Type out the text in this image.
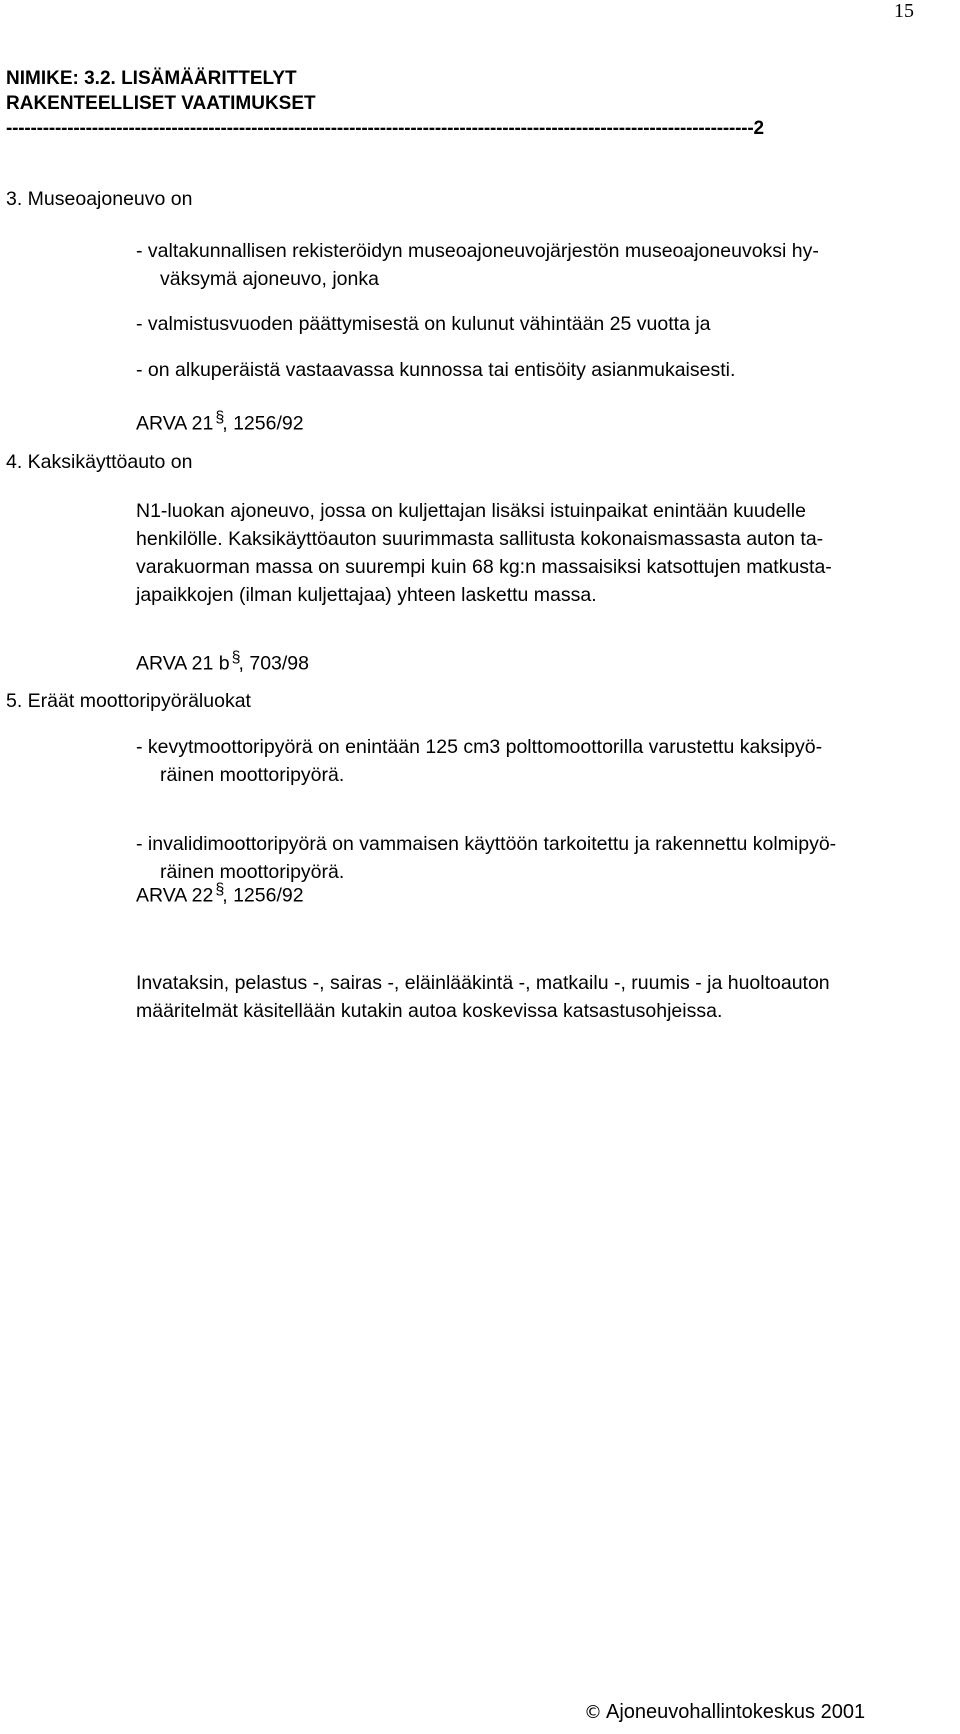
15
NIMIKE: 3.2. LISÄMÄÄRITTELYT
RAKENTEELLISET VAATIMUKSET
--------------------------------------------------------------------------------------------------------------------------2
3. Museoajoneuvo on
- valtakunnallisen rekisteröidyn museoajoneuvojärjestön museoajoneuvoksi hy-
väksymä ajoneuvo, jonka
- valmistusvuoden päättymisestä on kulunut vähintään 25 vuotta ja
- on alkuperäistä vastaavassa kunnossa tai entisöity asianmukaisesti.
ARVA 21 §, 1256/92
4. Kaksikäyttöauto on
N1-luokan ajoneuvo, jossa on kuljettajan lisäksi istuinpaikat enintään kuudelle
henkilölle. Kaksikäyttöauton suurimmasta sallitusta kokonaismassasta auton ta-
varakuorman massa on suurempi kuin 68 kg:n massaisiksi katsottujen matkusta-
japaikkojen (ilman kuljettajaa) yhteen laskettu massa.
ARVA 21 b §, 703/98
5. Eräät moottoripyöräluokat
- kevytmoottoripyörä on enintään 125 cm3 polttomoottorilla varustettu kaksipyö-
räinen moottoripyörä.
- invalidimoottoripyörä on vammaisen käyttöön tarkoitettu ja rakennettu kolmipyö-
räinen moottoripyörä.
ARVA 22 §, 1256/92
Invataksin, pelastus -, sairas -, eläinlääkintä -, matkailu -, ruumis - ja huoltoauton
määritelmät käsitellään kutakin autoa koskevissa katsastusohjeissa.
© Ajoneuvohallintokeskus 2001
